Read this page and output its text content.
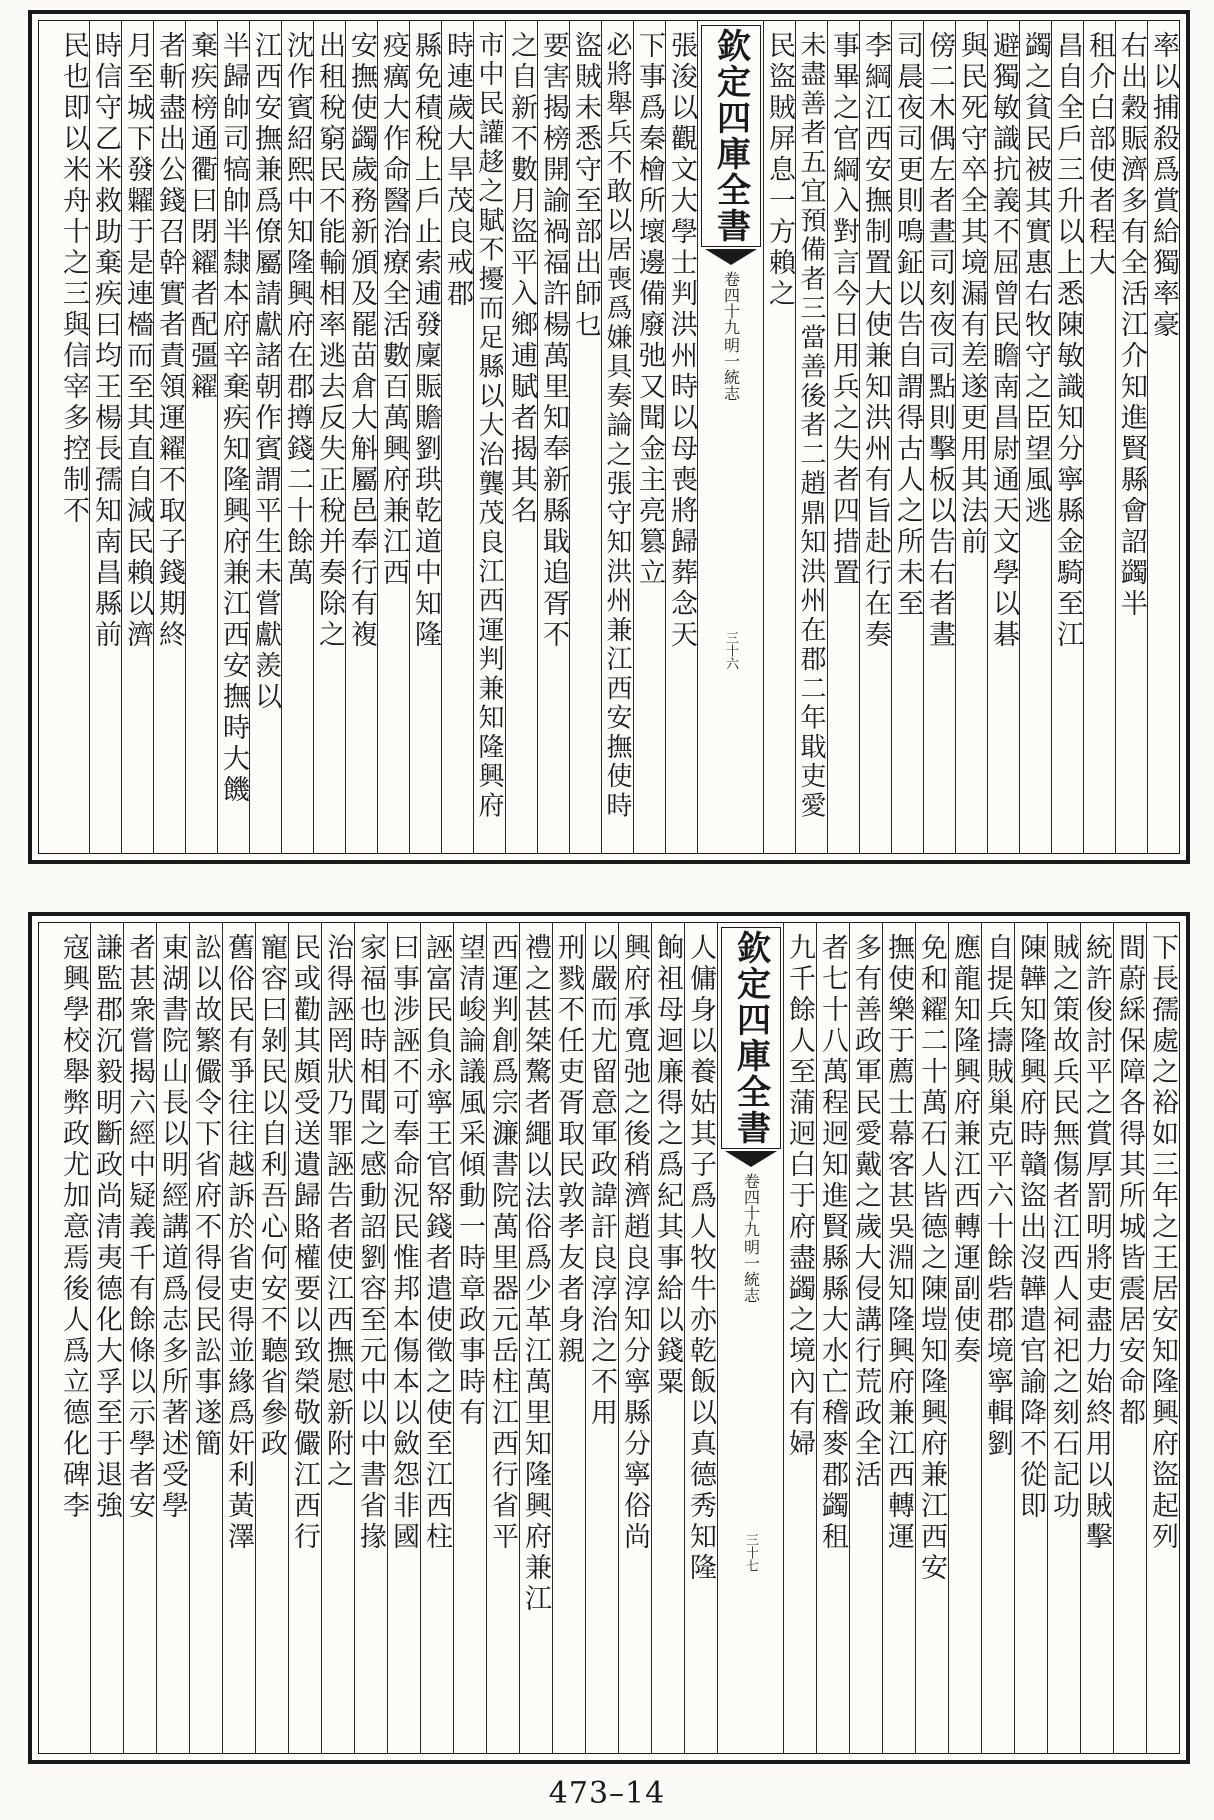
率以捕殺爲賞給獨率豪
右出穀賑濟多有全活江介知進賢縣會詔蠲半
租介白部使者程大
昌自全戶三升以上悉陳敏識知分寧縣金騎至江
蠲之貧民被其實惠右牧守之臣望風逃
避獨敏識抗義不屈曾民瞻南昌尉通天文學以碁
與民死守卒全其境漏有差遂更用其法前
傍二木偶左者晝司刻夜司點則擊板以告右者晝
司晨夜司更則鳴鉦以告自謂得古人之所未至
李綱江西安撫制置大使兼知洪州有旨赴行在奏
事畢之官綱入對言今日用兵之失者四措置
未盡善者五宜預備者三當善後者二趙鼎知洪州在郡二年戢吏愛
民盜賊屏息一方賴之
欽定四庫全書
明一統志
卷四十九
三十六
張浚以觀文大學士判洪州時以母喪將歸葬念天
下事爲秦檜所壞邊備廢弛又聞金主亮篡立
必將舉兵不敢以居喪爲嫌具奏論之張守知洪州兼江西安撫使時
盜賊未悉守至部出師乜
要害揭榜開諭禍福許楊萬里知奉新縣戢追胥不
之自新不數月盜平入鄉逋賦者揭其名
市中民讙趍之賦不擾而足縣以大治龔茂良江西運判兼知隆興府
時連歲大旱茂良戒郡
縣免積稅上戶止索逋發廩賑贍劉珙乾道中知隆
疫癘大作命醫治療全活數百萬興府兼江西
安撫使蠲歲務新頒及罷苗倉大斛屬邑奉行有複
出租稅窮民不能輸相率逃去反失正稅并奏除之
沈作賓紹熙中知隆興府在郡撙錢二十餘萬
江西安撫兼爲僚屬請獻諸朝作賓謂平生未嘗獻羨以
半歸帥司犒帥半隸本府辛棄疾知隆興府兼江西安撫時大饑
棄疾榜通衢曰閉糴者配彊糴
者斬盡出公錢召幹實者責領運糴不取子錢期終
月至城下發糶于是連檣而至其直自減民賴以濟
時信守乙米救助棄疾曰均王楊長孺知南昌縣前
民也即以米舟十之三與信宰多控制不
下長孺處之裕如三年之王居安知隆興府盜起列
間蔚綵保障各得其所城皆震居安命都
統許俊討平之賞厚罰明將吏盡力始終用以賊擊
賊之策故兵民無傷者江西人祠祀之刻石記功
陳韡知隆興府時贛盜出沒韡遣官諭降不從即
自提兵擣賊巢克平六十餘砦郡境寧輯劉
應龍知隆興府兼江西轉運副使奏
免和糴二十萬石人皆德之陳塏知隆興府兼江西安
撫使樂于薦士幕客甚吳淵知隆興府兼江西轉運
多有善政軍民愛戴之歲大侵講行荒政全活
者七十八萬程迥知進賢縣縣大水亡稽麥郡蠲租
九千餘人至蒲迥白于府盡蠲之境內有婦
欽定四庫全書
明一統志
卷四十九
三十七
人傭身以養姑其子爲人牧牛亦乾飯以真德秀知隆
餉祖母迴廉得之爲紀其事給以錢粟
興府承寬弛之後稍濟趙良淳知分寧縣分寧俗尚
以嚴而尤留意軍政諱訐良淳治之不用
刑戮不任吏胥取民敦孝友者身親
禮之甚桀驁者繩以法俗爲少革江萬里知隆興府兼江
西運判創爲宗濂書院萬里器元岳柱江西行省平
望清峻論議風采傾動一時章政事時有
誣富民負永寧王官帑錢者遣使徵之使至江西柱
曰事涉誣不可奉命況民惟邦本傷本以斂怨非國
家福也時相聞之感動詔劉容至元中以中書省掾
治得誣罔狀乃罪誣告者使江西撫慰新附之
民或勸其頗受送遺歸賂權要以致榮敬儼江西行
寵容曰剝民以自利吾心何安不聽省參政
舊俗民有爭往往越訴於省吏得並緣爲奸利黃澤
訟以故繁儼令下省府不得侵民訟事遂簡
東湖書院山長以明經講道爲志多所著述受學
者甚衆嘗揭六經中疑義千有餘條以示學者安
謙監郡沉毅明斷政尚清夷德化大孚至于退強
寇興學校舉弊政尤加意焉後人爲立德化碑李
473–14
